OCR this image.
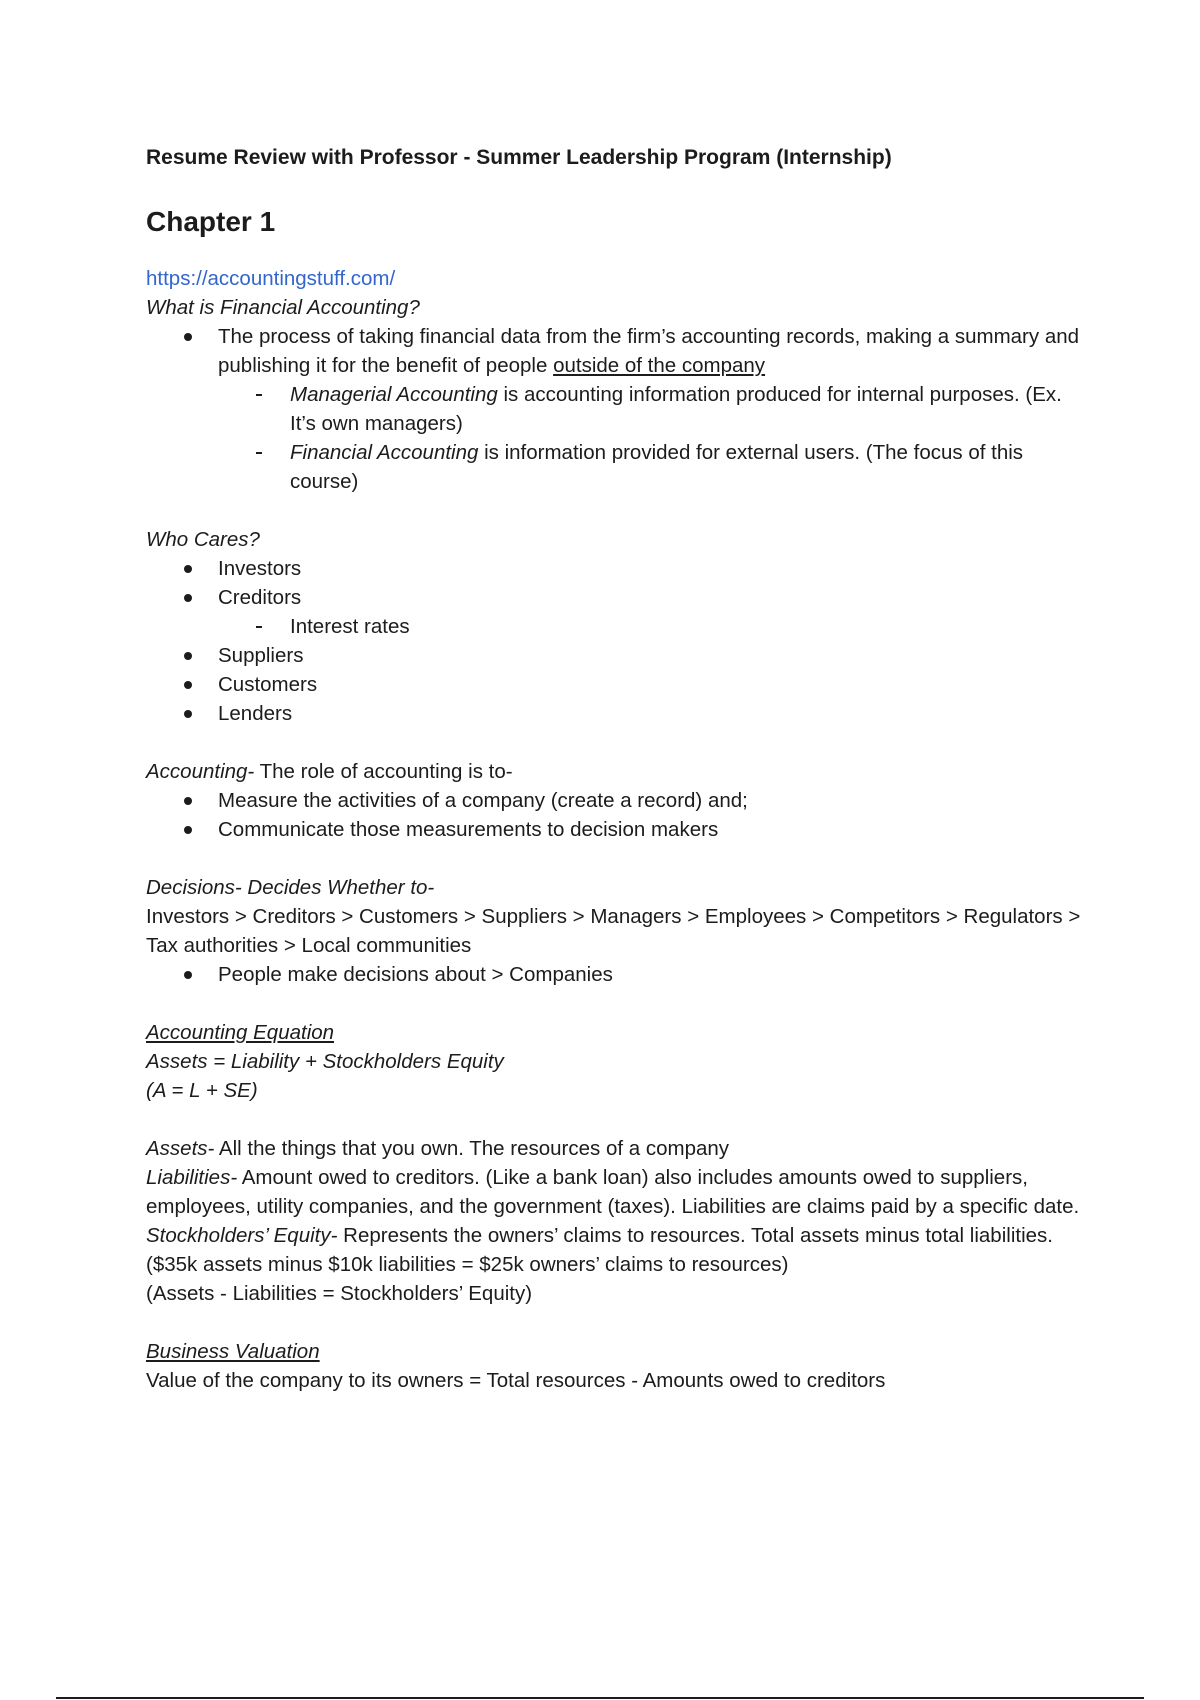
Resume Review with Professor - Summer Leadership Program (Internship)

Chapter 1

https://accountingstuff.com/

What is Financial Accounting?

The process of taking financial data from the firm’s accounting records, making a summary and publishing it for the benefit of people outside of the company
Managerial Accounting is accounting information produced for internal purposes. (Ex. It’s own managers)
Financial Accounting is information provided for external users. (The focus of this course)

Who Cares?

Investors
Creditors
Interest rates
Suppliers
Customers
Lenders

Accounting- The role of accounting is to-

Measure the activities of a company (create a record) and;
Communicate those measurements to decision makers

Decisions- Decides Whether to-

Investors > Creditors > Customers > Suppliers > Managers > Employees > Competitors > Regulators > Tax authorities > Local communities

People make decisions about > Companies

Accounting Equation

Assets = Liability + Stockholders Equity

(A = L + SE)

Assets- All the things that you own. The resources of a company

Liabilities- Amount owed to creditors. (Like a bank loan) also includes amounts owed to suppliers, employees, utility companies, and the government (taxes). Liabilities are claims paid by a specific date.

Stockholders’ Equity- Represents the owners’ claims to resources. Total assets minus total liabilities. ($35k assets minus $10k liabilities = $25k owners’ claims to resources)

(Assets - Liabilities = Stockholders’ Equity)

Business Valuation

Value of the company to its owners = Total resources - Amounts owed to creditors
